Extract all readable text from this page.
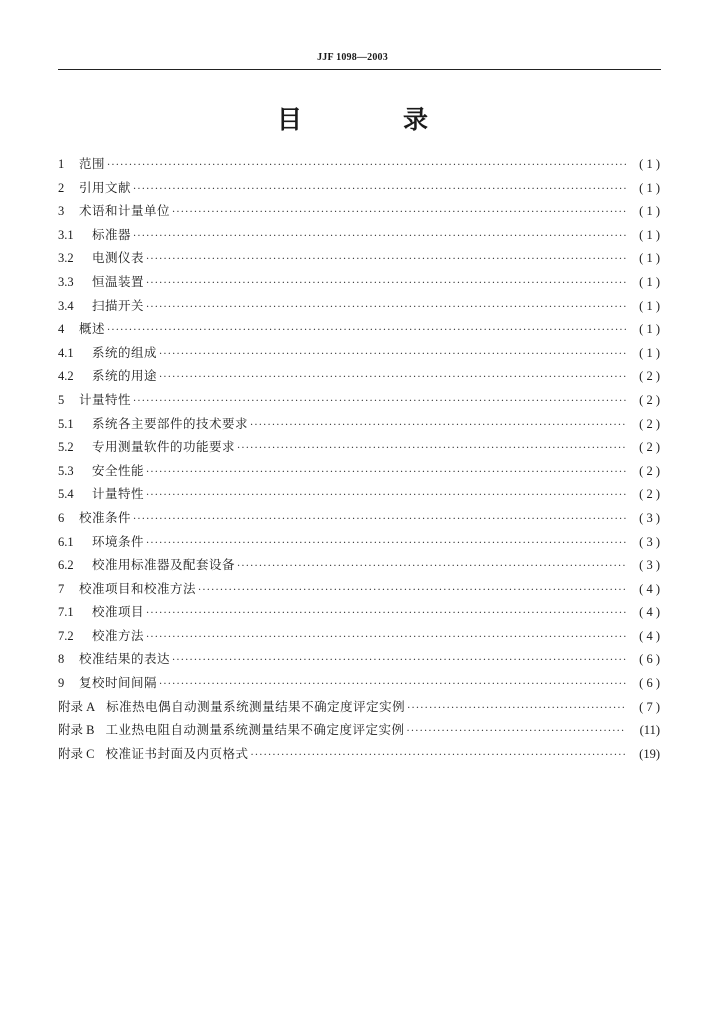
JJF 1098—2003
目　录
1	范围 ·····	( 1 )
2	引用文献 ·····	( 1 )
3	术语和计量单位 ·····	( 1 )
3.1	标准器 ·····	( 1 )
3.2	电测仪表 ·····	( 1 )
3.3	恒温装置 ·····	( 1 )
3.4	扫描开关 ·····	( 1 )
4	概述 ·····	( 1 )
4.1	系统的组成 ·····	( 1 )
4.2	系统的用途 ·····	( 2 )
5	计量特性 ·····	( 2 )
5.1	系统各主要部件的技术要求 ·····	( 2 )
5.2	专用测量软件的功能要求 ·····	( 2 )
5.3	安全性能 ·····	( 2 )
5.4	计量特性 ·····	( 2 )
6	校准条件 ·····	( 3 )
6.1	环境条件 ·····	( 3 )
6.2	校准用标准器及配套设备 ·····	( 3 )
7	校准项目和校准方法 ·····	( 4 )
7.1	校准项目 ·····	( 4 )
7.2	校准方法 ·····	( 4 )
8	校准结果的表达 ·····	( 6 )
9	复校时间间隔 ·····	( 6 )
附录 A 标准热电偶自动测量系统测量结果不确定度评定实例 ·····	( 7 )
附录 B 工业热电阻自动测量系统测量结果不确定度评定实例 ·····	(11)
附录 C 校准证书封面及内页格式 ·····	(19)
